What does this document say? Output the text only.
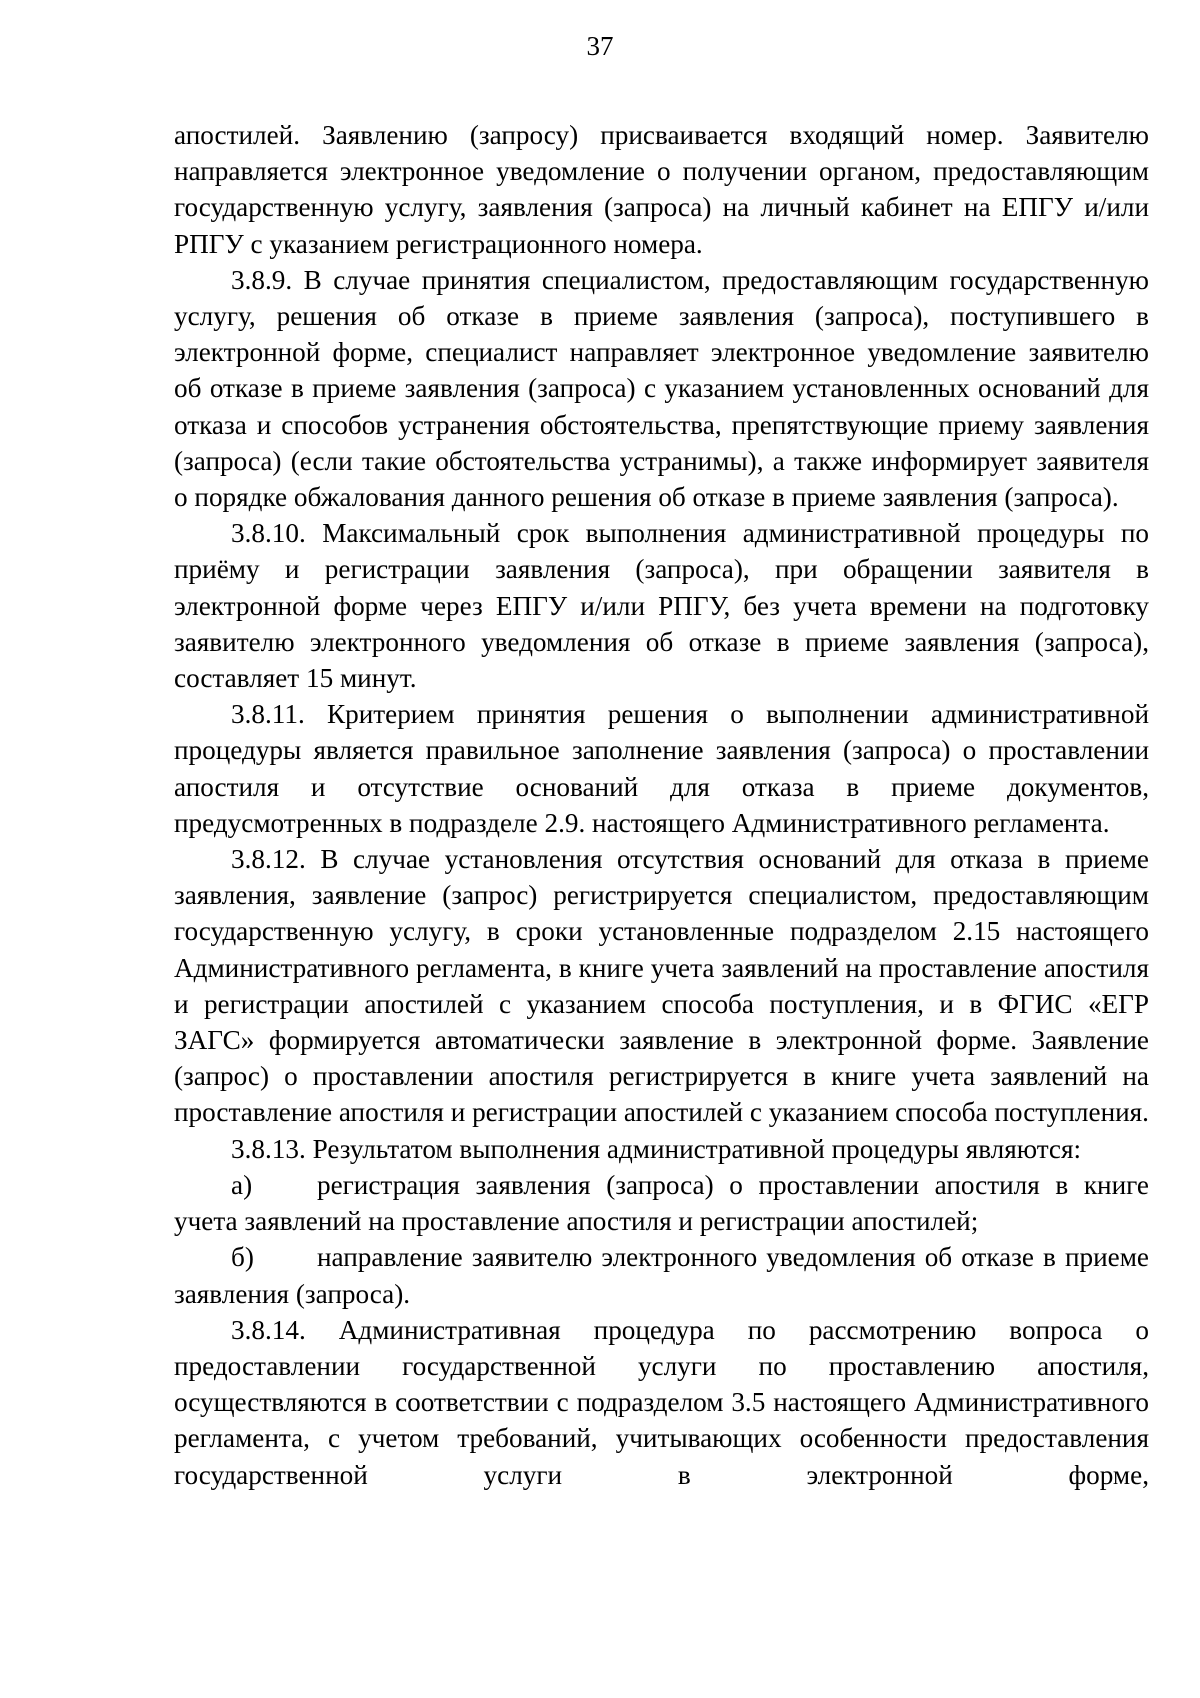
37

апостилей. Заявлению (запросу) присваивается входящий номер. Заявителю направляется электронное уведомление о получении органом, предоставляющим государственную услугу, заявления (запроса) на личный кабинет на ЕПГУ и/или РПГУ с указанием регистрационного номера.

3.8.9. В случае принятия специалистом, предоставляющим государственную услугу, решения об отказе в приеме заявления (запроса), поступившего в электронной форме, специалист направляет электронное уведомление заявителю об отказе в приеме заявления (запроса) с указанием установленных оснований для отказа и способов устранения обстоятельства, препятствующие приему заявления (запроса) (если такие обстоятельства устранимы), а также информирует заявителя о порядке обжалования данного решения об отказе в приеме заявления (запроса).

3.8.10. Максимальный срок выполнения административной процедуры по приёму и регистрации заявления (запроса), при обращении заявителя в электронной форме через ЕПГУ и/или РПГУ, без учета времени на подготовку заявителю электронного уведомления об отказе в приеме заявления (запроса), составляет 15 минут.

3.8.11. Критерием принятия решения о выполнении административной процедуры является правильное заполнение заявления (запроса) о проставлении апостиля и отсутствие оснований для отказа в приеме документов, предусмотренных в подразделе 2.9. настоящего Административного регламента.

3.8.12. В случае установления отсутствия оснований для отказа в приеме заявления, заявление (запрос) регистрируется специалистом, предоставляющим государственную услугу, в сроки установленные подразделом 2.15 настоящего Административного регламента, в книге учета заявлений на проставление апостиля и регистрации апостилей с указанием способа поступления, и в ФГИС «ЕГР ЗАГС» формируется автоматически заявление в электронной форме. Заявление (запрос) о проставлении апостиля регистрируется в книге учета заявлений на проставление апостиля и регистрации апостилей с указанием способа поступления.

3.8.13. Результатом выполнения административной процедуры являются:

а) регистрация заявления (запроса) о проставлении апостиля в книге учета заявлений на проставление апостиля и регистрации апостилей;

б) направление заявителю электронного уведомления об отказе в приеме заявления (запроса).

3.8.14. Административная процедура по рассмотрению вопроса о предоставлении государственной услуги по проставлению апостиля, осуществляются в соответствии с подразделом 3.5 настоящего Административного регламента, с учетом требований, учитывающих особенности предоставления государственной услуги в электронной форме,
